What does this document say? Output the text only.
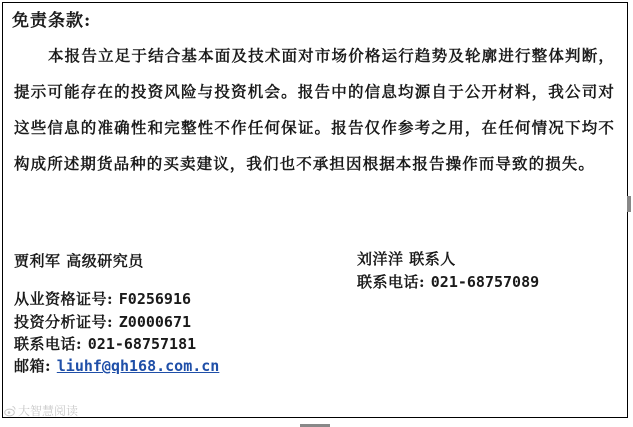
免责条款:
本报告立足于结合基本面及技术面对市场价格运行趋势及轮廓进行整体判断，提示可能存在的投资风险与投资机会。报告中的信息均源自于公开材料，我公司对这些信息的准确性和完整性不作任何保证。报告仅作参考之用，在任何情况下均不构成所述期货品种的买卖建议，我们也不承担因根据本报告操作而导致的损失。
贾利军 高级研究员
从业资格证号: F0256916
投资分析证号: Z0000671
联系电话: 021-68757181
邮箱: liuhf@qh168.com.cn
刘洋洋 联系人
联系电话: 021-68757089
大智慧阅读
